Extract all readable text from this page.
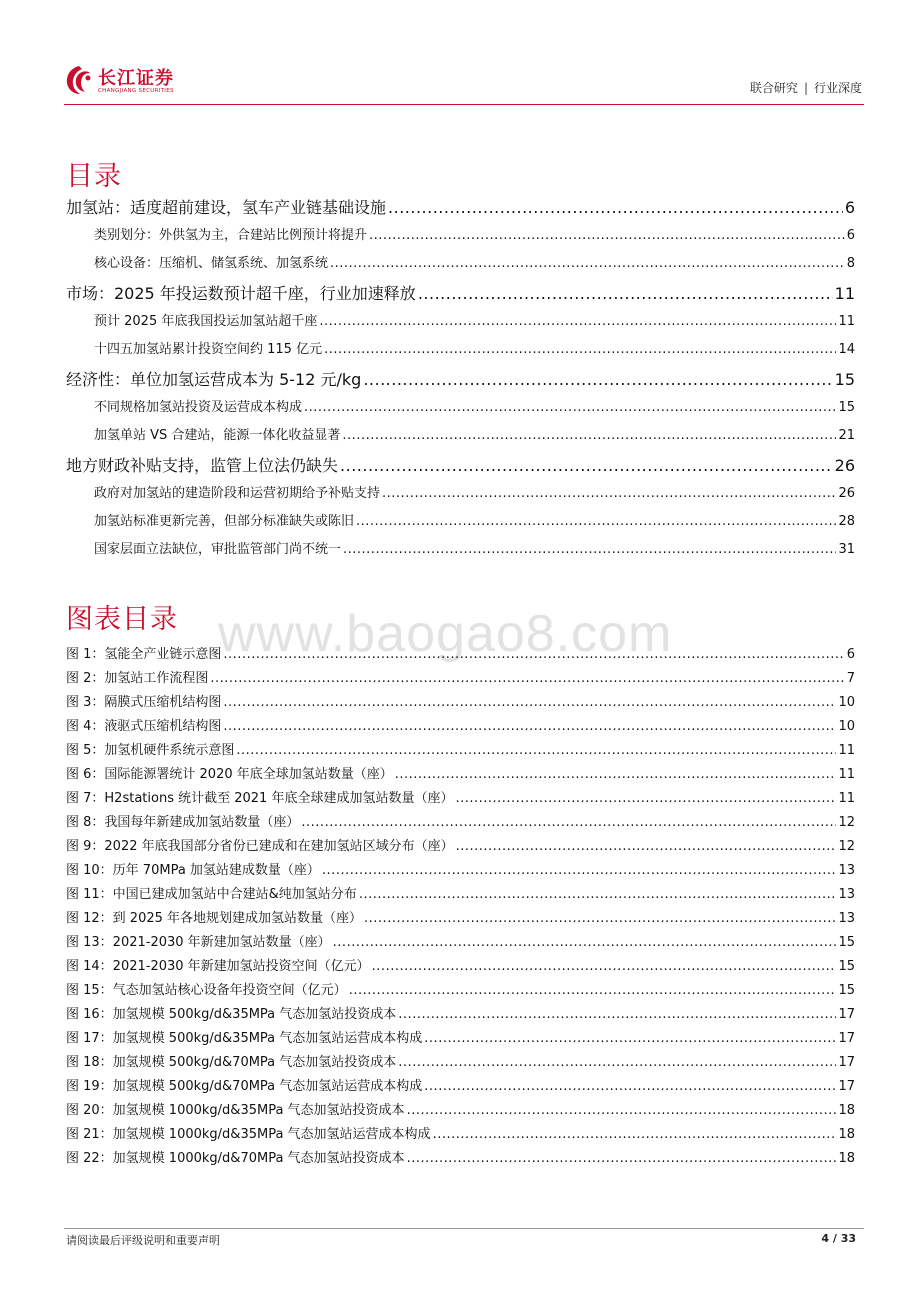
长江证券
CHANGJIANG SECURITIES	联合研究 | 行业深度
目录
加氢站：适度超前建设，氢车产业链基础设施 .....	6
类别划分：外供氢为主，合建站比例预计将提升 .....	6
核心设备：压缩机、储氢系统、加氢系统 .....	8
市场：2025 年投运数预计超千座，行业加速释放 .....	11
预计 2025 年底我国投运加氢站超千座 .....	11
十四五加氢站累计投资空间约 115 亿元 .....	14
经济性：单位加氢运营成本为 5-12 元/kg .....	15
不同规格加氢站投资及运营成本构成 .....	15
加氢单站 VS 合建站，能源一体化收益显著 .....	21
地方财政补贴支持，监管上位法仍缺失 .....	26
政府对加氢站的建造阶段和运营初期给予补贴支持 .....	26
加氢站标准更新完善，但部分标准缺失或陈旧 .....	28
国家层面立法缺位，审批监管部门尚不统一 .....	31
图表目录 www.baogao8.com
图 1：氢能全产业链示意图 .....	6
图 2：加氢站工作流程图 .....	7
图 3：隔膜式压缩机结构图 .....	10
图 4：液驱式压缩机结构图 .....	10
图 5：加氢机硬件系统示意图 .....	11
图 6：国际能源署统计 2020 年底全球加氢站数量（座） .....	11
图 7：H2stations 统计截至 2021 年底全球建成加氢站数量（座） .....	11
图 8：我国每年新建成加氢站数量（座） .....	12
图 9：2022 年底我国部分省份已建成和在建加氢站区域分布（座） .....	12
图 10：历年 70MPa 加氢站建成数量（座） .....	13
图 11：中国已建成加氢站中合建站&纯加氢站分布 .....	13
图 12：到 2025 年各地规划建成加氢站数量（座） .....	13
图 13：2021-2030 年新建加氢站数量（座） .....	15
图 14：2021-2030 年新建加氢站投资空间（亿元） .....	15
图 15：气态加氢站核心设备年投资空间（亿元） .....	15
图 16：加氢规模 500kg/d&35MPa 气态加氢站投资成本 .....	17
图 17：加氢规模 500kg/d&35MPa 气态加氢站运营成本构成 .....	17
图 18：加氢规模 500kg/d&70MPa 气态加氢站投资成本 .....	17
图 19：加氢规模 500kg/d&70MPa 气态加氢站运营成本构成 .....	17
图 20：加氢规模 1000kg/d&35MPa 气态加氢站投资成本 .....	18
图 21：加氢规模 1000kg/d&35MPa 气态加氢站运营成本构成 .....	18
图 22：加氢规模 1000kg/d&70MPa 气态加氢站投资成本 .....	18
请阅读最后评级说明和重要声明	4 / 33
